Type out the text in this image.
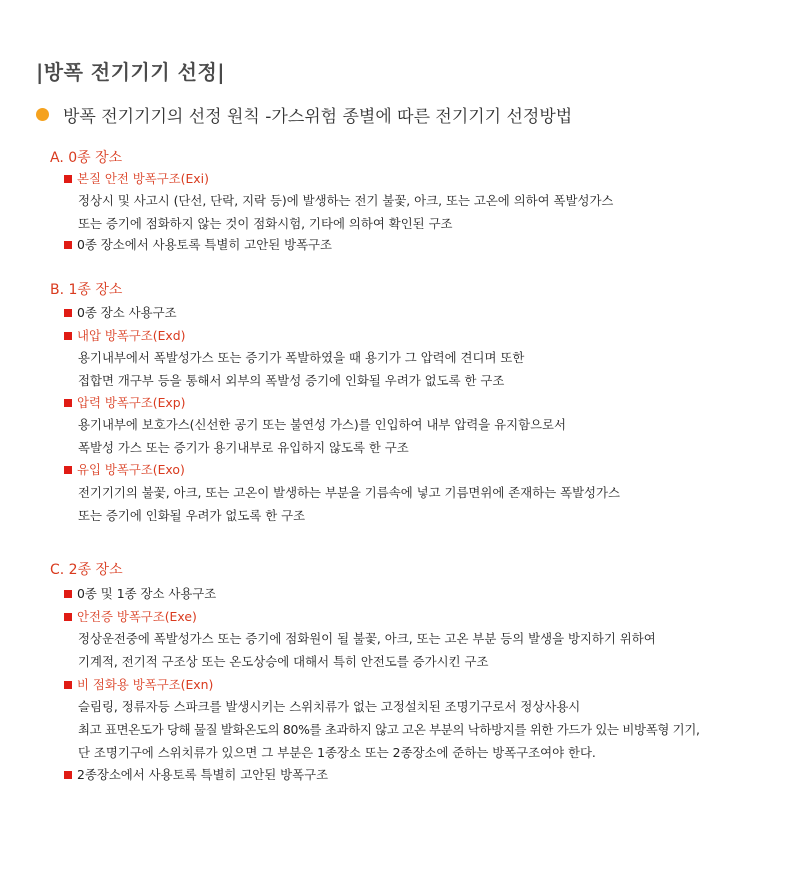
|방폭 전기기기 선정|
방폭 전기기기의 선정 원칙 -가스위험 종별에 따른 전기기기 선정방법
A. 0종 장소
본질 안전 방폭구조(Exi)
정상시 및 사고시 (단선, 단락, 지락 등)에 발생하는 전기 불꽃, 아크, 또는 고온에 의하여 폭발성가스
또는 증기에 점화하지 않는 것이 점화시험, 기타에 의하여 확인된 구조
0종 장소에서 사용토록 특별히 고안된 방폭구조
B. 1종 장소
0종 장소 사용구조
내압 방폭구조(Exd)
용기내부에서 폭발성가스 또는 증기가 폭발하였을 때 용기가 그 압력에 견디며 또한
접합면 개구부 등을 통해서 외부의 폭발성 증기에 인화될 우려가 없도록 한 구조
압력 방폭구조(Exp)
용기내부에 보호가스(신선한 공기 또는 불연성 가스)를 인입하여 내부 압력을 유지함으로서
폭발성 가스 또는 증기가 용기내부로 유입하지 않도록 한 구조
유입 방폭구조(Exo)
전기기기의 불꽃, 아크, 또는 고온이 발생하는 부분을 기름속에 넣고 기름면위에 존재하는 폭발성가스
또는 증기에 인화될 우려가 없도록 한 구조
C. 2종 장소
0종 및 1종 장소 사용구조
안전증 방폭구조(Exe)
정상운전중에 폭발성가스 또는 증기에 점화원이 될 불꽃, 아크, 또는 고온 부분 등의 발생을 방지하기 위하여
기계적, 전기적 구조상 또는 온도상승에 대해서 특히 안전도를 증가시킨 구조
비 점화용 방폭구조(Exn)
슬림링, 정류자등 스파크를 발생시키는 스위치류가 없는 고정설치된 조명기구로서 정상사용시
최고 표면온도가 당해 물질 발화온도의 80%를 초과하지 않고 고온 부분의 낙하방지를 위한 가드가 있는 비방폭형 기기,
단 조명기구에 스위치류가 있으면 그 부분은 1종장소 또는 2종장소에 준하는 방폭구조여야 한다.
2종장소에서 사용토록 특별히 고안된 방폭구조
